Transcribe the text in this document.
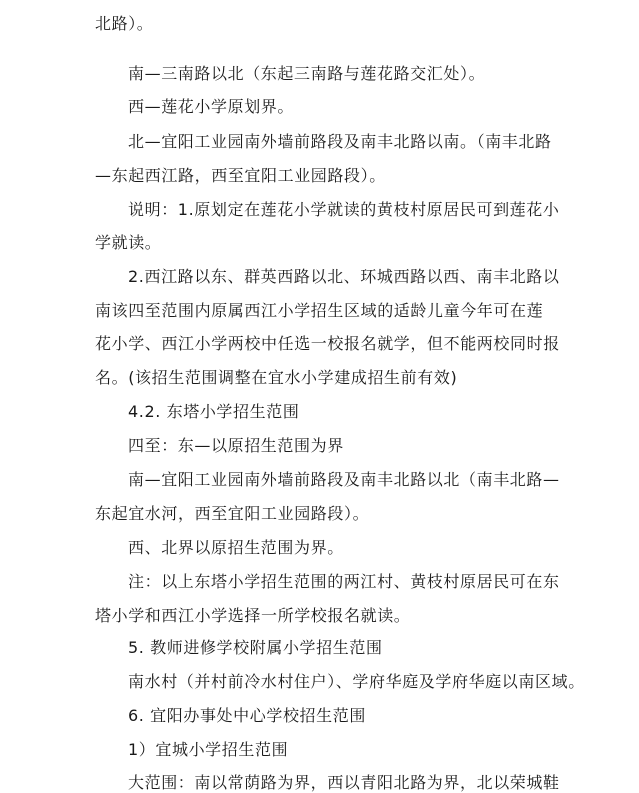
北路）。
南—三南路以北（东起三南路与莲花路交汇处）。
西—莲花小学原划界。
北—宜阳工业园南外墙前路段及南丰北路以南。（南丰北路
—东起西江路，西至宜阳工业园路段）。
说明：1.原划定在莲花小学就读的黄枝村原居民可到莲花小
学就读。
2.西江路以东、群英西路以北、环城西路以西、南丰北路以
南该四至范围内原属西江小学招生区域的适龄儿童今年可在莲
花小学、西江小学两校中任选一校报名就学，但不能两校同时报
名。(该招生范围调整在宜水小学建成招生前有效)
4.2. 东塔小学招生范围
四至：东—以原招生范围为界
南—宜阳工业园南外墙前路段及南丰北路以北（南丰北路—
东起宜水河，西至宜阳工业园路段）。
西、北界以原招生范围为界。
注：以上东塔小学招生范围的两江村、黄枝村原居民可在东
塔小学和西江小学选择一所学校报名就读。
5. 教师进修学校附属小学招生范围
南水村（并村前冷水村住户）、学府华庭及学府华庭以南区域。
6. 宜阳办事处中心学校招生范围
1）宜城小学招生范围
大范围：南以常荫路为界，西以青阳北路为界，北以荣城鞋
